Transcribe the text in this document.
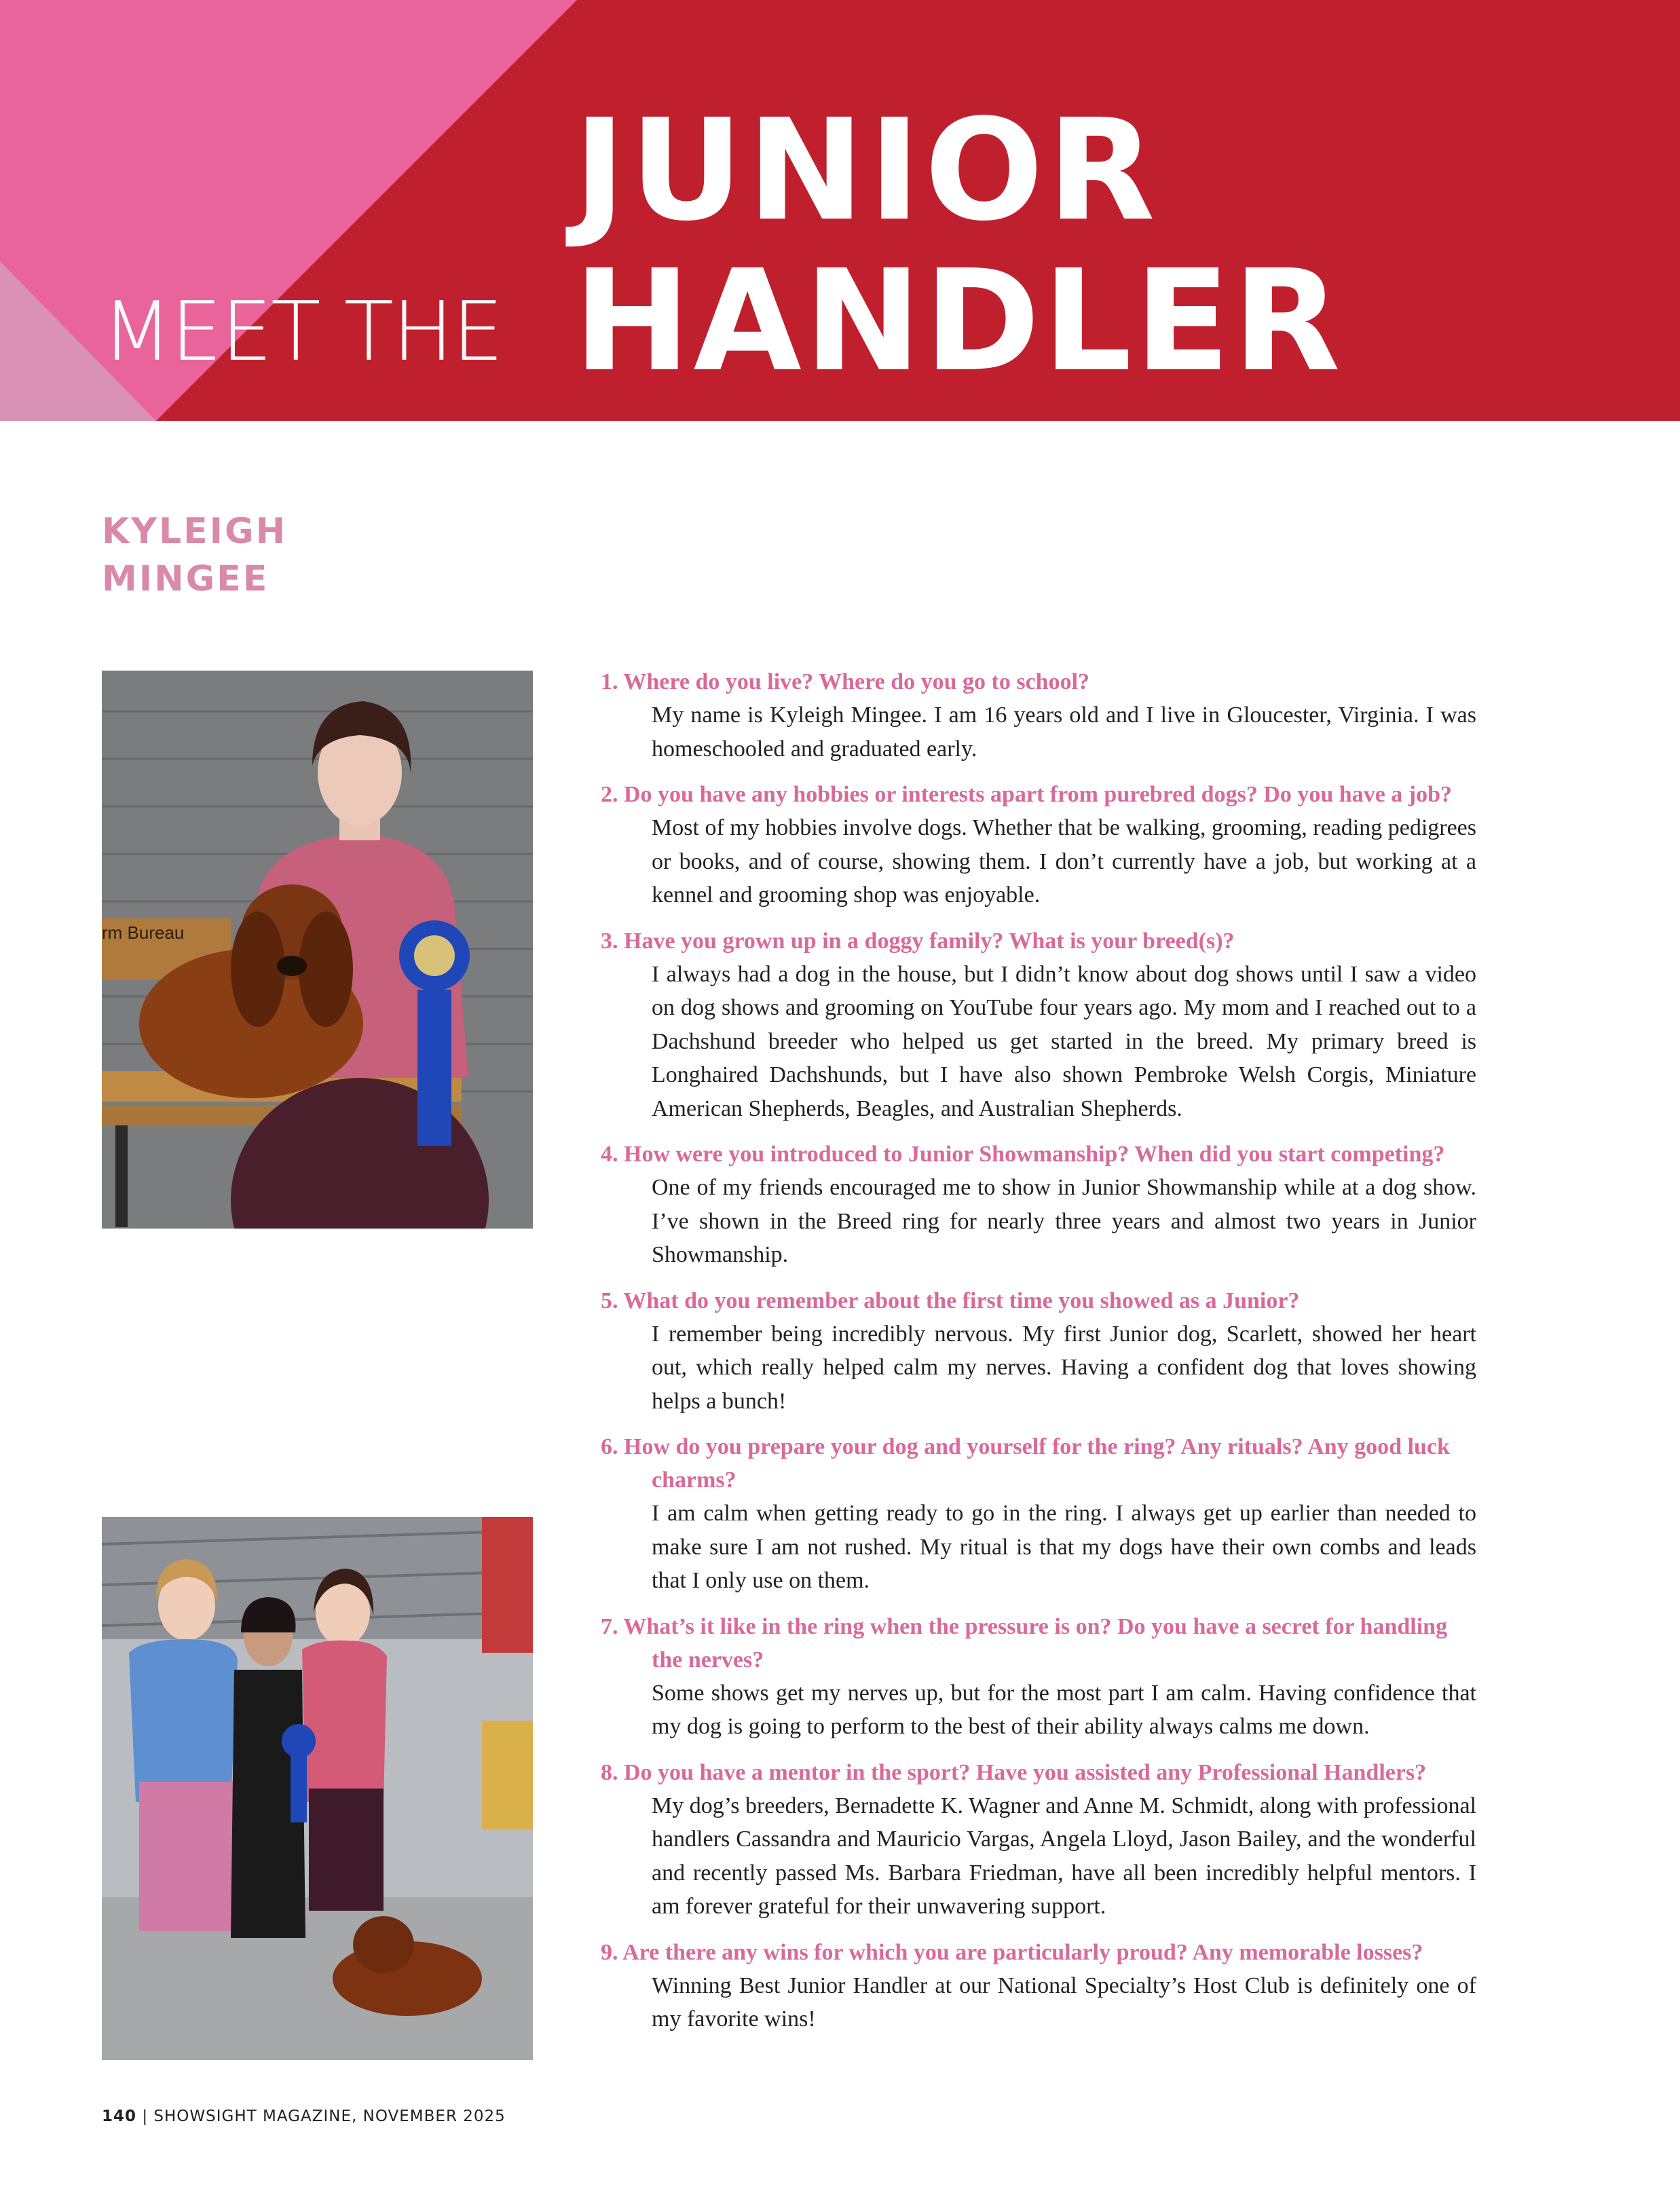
JUNIOR
MEET THE HANDLER
KYLEIGH
MINGEE
rm Bureau

1. Where do you live? Where do you go to school?

My name is Kyleigh Mingee. I am 16 years old and I live in Gloucester, Virginia. I was homeschooled and graduated early.

2. Do you have any hobbies or interests apart from purebred dogs? Do you have a job?

Most of my hobbies involve dogs. Whether that be walking, grooming, reading pedigrees or books, and of course, showing them. I don’t currently have a job, but working at a kennel and grooming shop was enjoyable.

3. Have you grown up in a doggy family? What is your breed(s)?

I always had a dog in the house, but I didn’t know about dog shows until I saw a video on dog shows and grooming on YouTube four years ago. My mom and I reached out to a Dachshund breeder who helped us get started in the breed. My primary breed is Longhaired Dachshunds, but I have also shown Pembroke Welsh Corgis, Miniature American Shepherds, Beagles, and Australian Shepherds.

4. How were you introduced to Junior Showmanship? When did you start competing?

One of my friends encouraged me to show in Junior Showmanship while at a dog show. I’ve shown in the Breed ring for nearly three years and almost two years in Junior Showmanship.

5. What do you remember about the first time you showed as a Junior?

I remember being incredibly nervous. My first Junior dog, Scarlett, showed her heart out, which really helped calm my nerves. Having a confident dog that loves showing helps a bunch!

6. How do you prepare your dog and yourself for the ring? Any rituals? Any good luck charms?

I am calm when getting ready to go in the ring. I always get up earlier than needed to make sure I am not rushed. My ritual is that my dogs have their own combs and leads that I only use on them.

7. What’s it like in the ring when the pressure is on? Do you have a secret for handling the nerves?

Some shows get my nerves up, but for the most part I am calm. Having confidence that my dog is going to perform to the best of their ability always calms me down.

8. Do you have a mentor in the sport? Have you assisted any Professional Handlers?

My dog’s breeders, Bernadette K. Wagner and Anne M. Schmidt, along with professional handlers Cassandra and Mauricio Vargas, Angela Lloyd, Jason Bailey, and the wonderful and recently passed Ms. Barbara Friedman, have all been incredibly helpful mentors. I am forever grateful for their unwavering support.

9. Are there any wins for which you are particularly proud? Any memorable losses?

Winning Best Junior Handler at our National Specialty’s Host Club is definitely one of my favorite wins!

140 | SHOWSIGHT MAGAZINE, NOVEMBER 2025
